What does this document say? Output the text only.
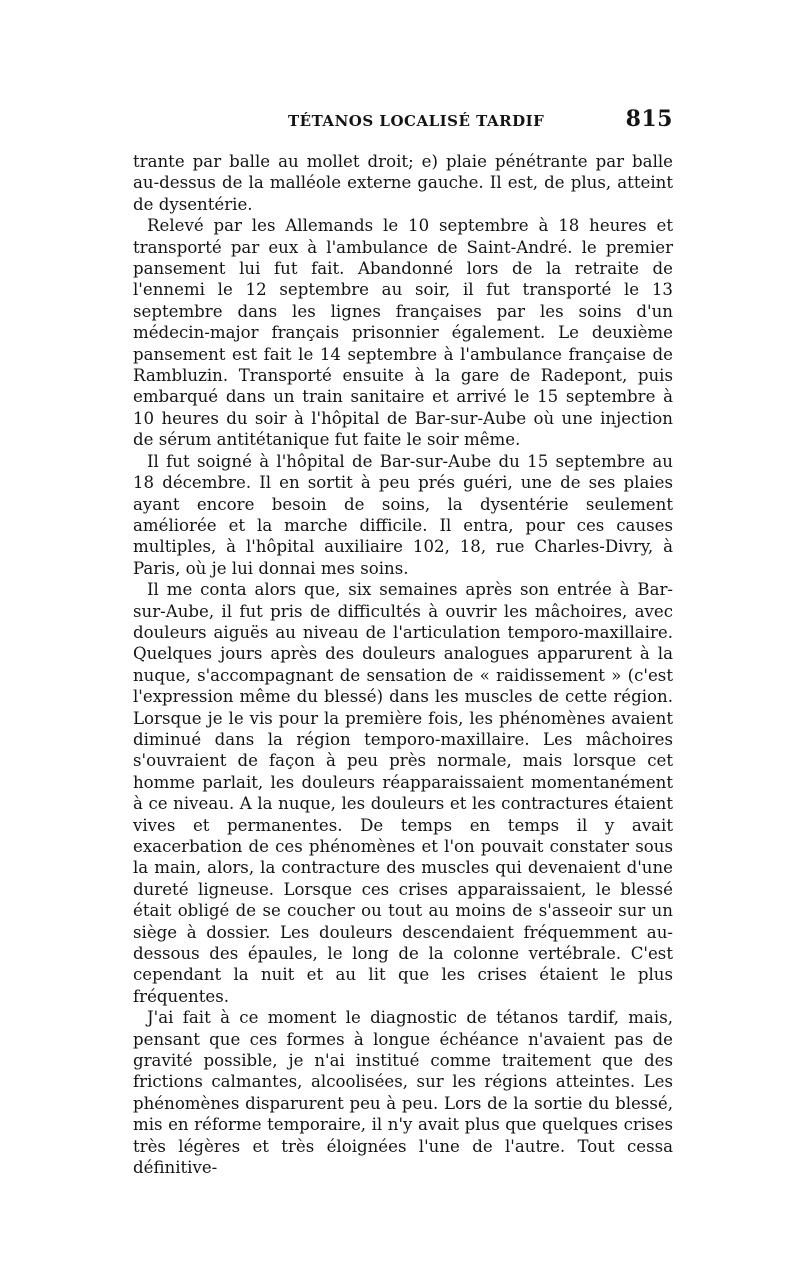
TÉTANOS LOCALISÉ TARDIF	815

trante par balle au mollet droit; e) plaie pénétrante par balle au-dessus de la malléole externe gauche. Il est, de plus, atteint de dysentérie.

Relevé par les Allemands le 10 septembre à 18 heures et transporté par eux à l'ambulance de Saint-André. le premier pansement lui fut fait. Abandonné lors de la retraite de l'ennemi le 12 septembre au soir, il fut transporté le 13 septembre dans les lignes françaises par les soins d'un médecin-major français prisonnier également. Le deuxième pansement est fait le 14 septembre à l'ambulance française de Rambluzin. Transporté ensuite à la gare de Radepont, puis embarqué dans un train sanitaire et arrivé le 15 septembre à 10 heures du soir à l'hôpital de Bar-sur-Aube où une injection de sérum antitétanique fut faite le soir même.

Il fut soigné à l'hôpital de Bar-sur-Aube du 15 septembre au 18 décembre. Il en sortit à peu prés guéri, une de ses plaies ayant encore besoin de soins, la dysentérie seulement améliorée et la marche difficile. Il entra, pour ces causes multiples, à l'hôpital auxiliaire 102, 18, rue Charles-Divry, à Paris, où je lui donnai mes soins.

Il me conta alors que, six semaines après son entrée à Bar-sur-Aube, il fut pris de difficultés à ouvrir les mâchoires, avec douleurs aiguës au niveau de l'articulation temporo-maxillaire. Quelques jours après des douleurs analogues apparurent à la nuque, s'accompagnant de sensation de « raidissement » (c'est l'expression même du blessé) dans les muscles de cette région. Lorsque je le vis pour la première fois, les phénomènes avaient diminué dans la région temporo-maxillaire. Les mâchoires s'ouvraient de façon à peu près normale, mais lorsque cet homme parlait, les douleurs réapparaissaient momentanément à ce niveau. A la nuque, les douleurs et les contractures étaient vives et permanentes. De temps en temps il y avait exacerbation de ces phénomènes et l'on pouvait constater sous la main, alors, la contracture des muscles qui devenaient d'une dureté ligneuse. Lorsque ces crises apparaissaient, le blessé était obligé de se coucher ou tout au moins de s'asseoir sur un siège à dossier. Les douleurs descendaient fréquemment au-dessous des épaules, le long de la colonne vertébrale. C'est cependant la nuit et au lit que les crises étaient le plus fréquentes.

J'ai fait à ce moment le diagnostic de tétanos tardif, mais, pensant que ces formes à longue échéance n'avaient pas de gravité possible, je n'ai institué comme traitement que des frictions calmantes, alcoolisées, sur les régions atteintes. Les phénomènes disparurent peu à peu. Lors de la sortie du blessé, mis en réforme temporaire, il n'y avait plus que quelques crises très légères et très éloignées l'une de l'autre. Tout cessa définitive-
